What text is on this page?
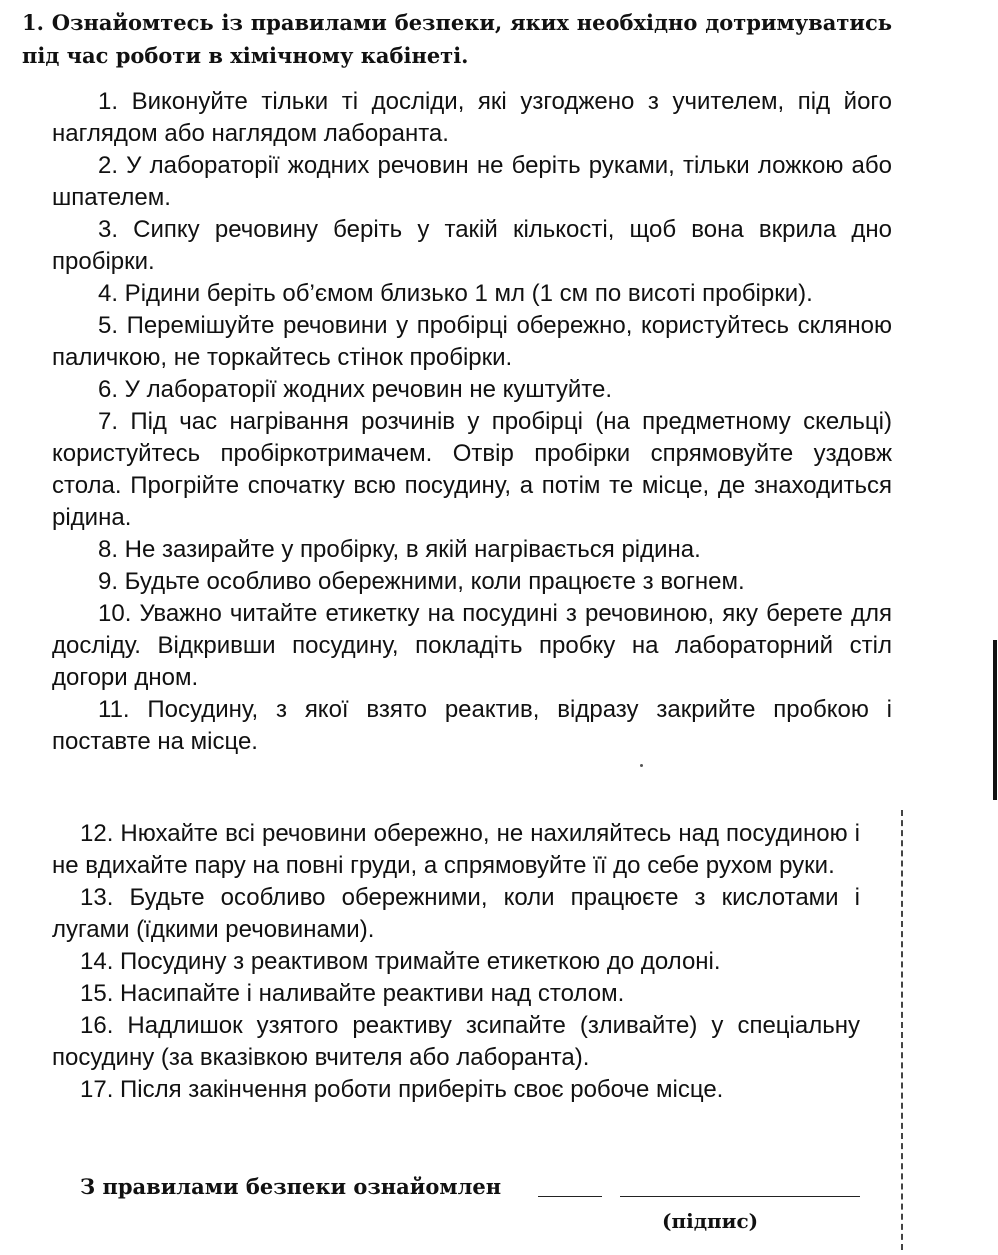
1. Ознайомтесь із правилами безпеки, яких необхідно дотримуватись під час роботи в хімічному кабінеті.

1. Виконуйте тільки ті досліди, які узгоджено з учителем, під його наглядом або наглядом лаборанта.

2. У лабораторії жодних речовин не беріть руками, тільки ложкою або шпателем.

3. Сипку речовину беріть у такій кількості, щоб вона вкрила дно пробірки.

4. Рідини беріть об’ємом близько 1 мл (1 см по висоті пробірки).

5. Перемішуйте речовини у пробірці обережно, користуйтесь скляною паличкою, не торкайтесь стінок пробірки.

6. У лабораторії жодних речовин не куштуйте.

7. Під час нагрівання розчинів у пробірці (на предметному скельці) користуйтесь пробіркотримачем. Отвір пробірки спрямовуйте уздовж стола. Прогрійте спочатку всю посудину, а потім те місце, де знаходиться рідина.

8. Не зазирайте у пробірку, в якій нагрівається рідина.

9. Будьте особливо обережними, коли працюєте з вогнем.

10. Уважно читайте етикетку на посудині з речовиною, яку берете для досліду. Відкривши посудину, покладіть пробку на лабораторний стіл догори дном.

11. Посудину, з якої взято реактив, відразу закрийте пробкою і поставте на місце.

12. Нюхайте всі речовини обережно, не нахиляйтесь над посудиною і не вдихайте пару на повні груди, а спрямовуйте її до себе рухом руки.

13. Будьте особливо обережними, коли працюєте з кислотами і лугами (їдкими речовинами).

14. Посудину з реактивом тримайте етикеткою до долоні.

15. Насипайте і наливайте реактиви над столом.

16. Надлишок узятого реактиву зсипайте (зливайте) у спеціальну посудину (за вказівкою вчителя або лаборанта).

17. Після закінчення роботи приберіть своє робоче місце.

З правилами безпеки ознайомлен
(підпис)
